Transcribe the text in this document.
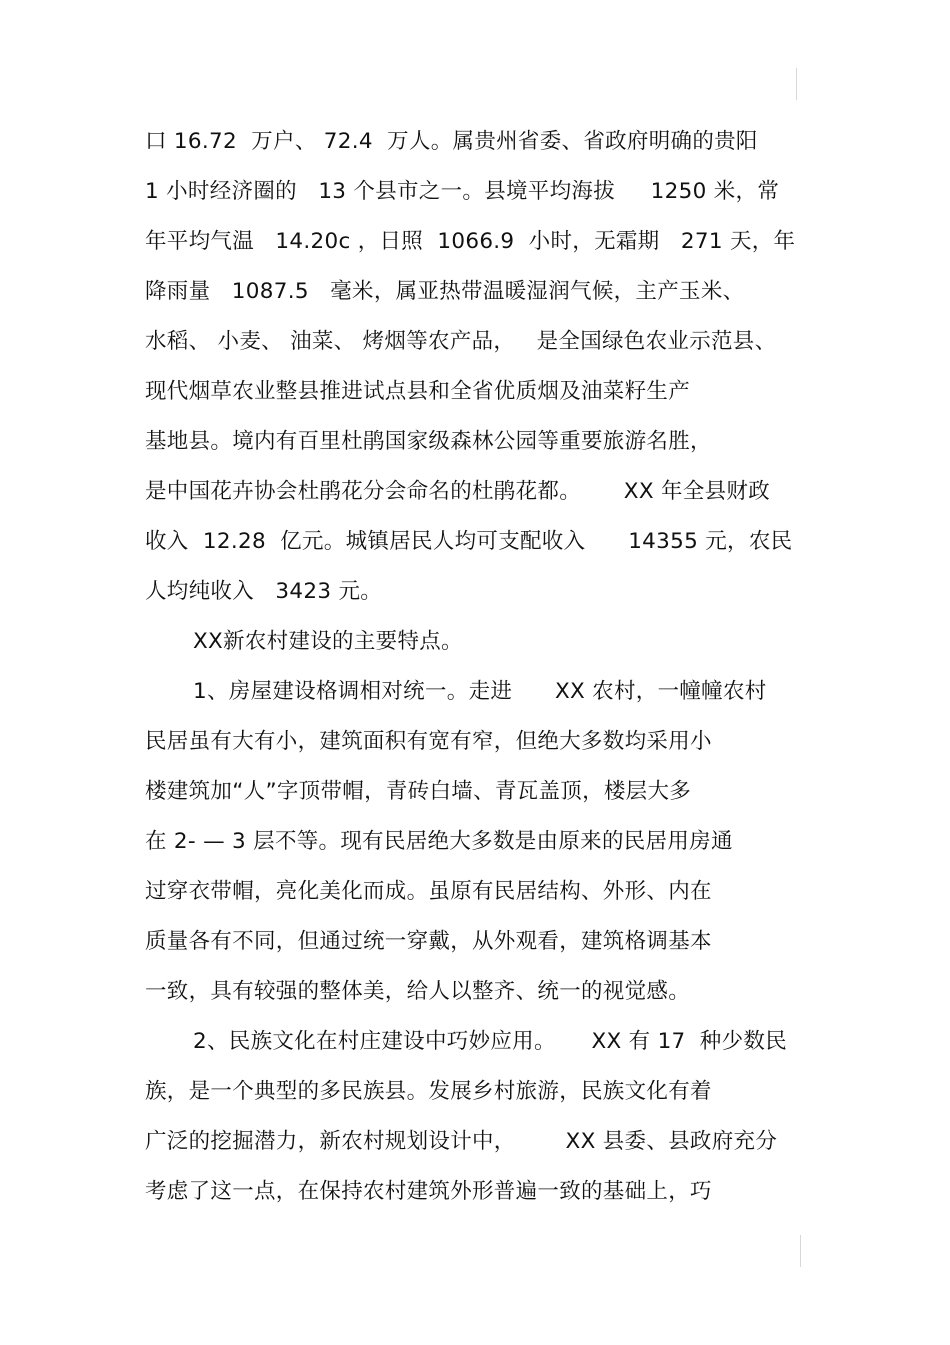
口 16.72  万户、 72.4  万人。属贵州省委、省政府明确的贵阳
1 小时经济圈的   13 个县市之一。县境平均海拔     1250 米，常
年平均气温   14.20c ，日照  1066.9  小时，无霜期   271 天，年
降雨量   1087.5   毫米，属亚热带温暖湿润气候，主产玉米、
水稻、 小麦、 油菜、 烤烟等农产品，   是全国绿色农业示范县、
现代烟草农业整县推进试点县和全省优质烟及油菜籽生产
基地县。境内有百里杜鹃国家级森林公园等重要旅游名胜，
是中国花卉协会杜鹃花分会命名的杜鹃花都。      XX 年全县财政
收入  12.28  亿元。城镇居民人均可支配收入      14355 元，农民
人均纯收入   3423 元。
XX新农村建设的主要特点。
1、房屋建设格调相对统一。走进      XX 农村，一幢幢农村
民居虽有大有小，建筑面积有宽有窄，但绝大多数均采用小
楼建筑加“人”字顶带帽，青砖白墙、青瓦盖顶，楼层大多
在 2- — 3 层不等。现有民居绝大多数是由原来的民居用房通
过穿衣带帽，亮化美化而成。虽原有民居结构、外形、内在
质量各有不同，但通过统一穿戴，从外观看，建筑格调基本
一致，具有较强的整体美，给人以整齐、统一的视觉感。
2、民族文化在村庄建设中巧妙应用。     XX 有 17  种少数民
族，是一个典型的多民族县。发展乡村旅游，民族文化有着
广泛的挖掘潜力，新农村规划设计中，       XX 县委、县政府充分
考虑了这一点，在保持农村建筑外形普遍一致的基础上，巧
